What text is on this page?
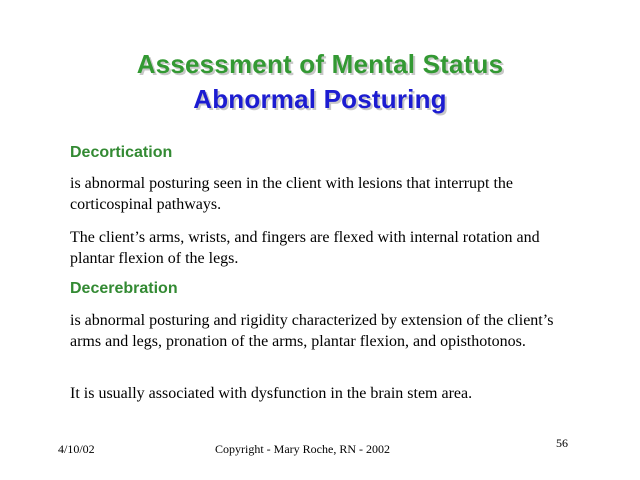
Assessment of Mental Status
Abnormal Posturing
Decortication

is abnormal posturing seen in the client with lesions that interrupt the corticospinal pathways.

The client’s arms, wrists, and fingers are flexed with internal rotation and plantar flexion of the legs.

Decerebration

is abnormal posturing and rigidity characterized by extension of the client’s arms and legs, pronation of the arms, plantar flexion, and opisthotonos.

It is usually associated with dysfunction in the brain stem area.

4/10/02	Copyright - Mary Roche, RN - 2002	56
